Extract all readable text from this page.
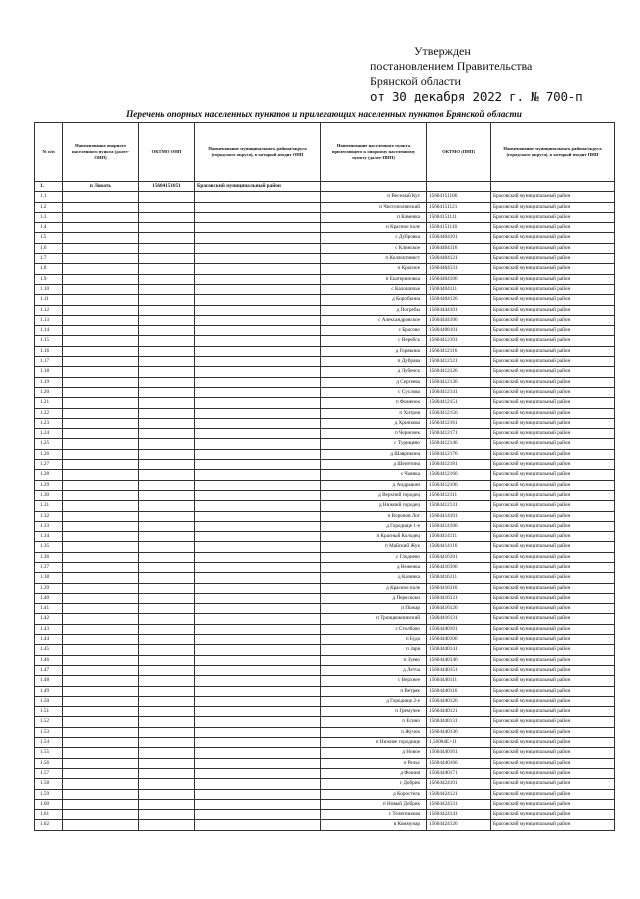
Утвержден
постановлением Правительства
Брянской области
от 30 декабря 2022 г. № 700-п
Перечень опорных населенных пунктов и прилегающих населенных пунктов Брянской области
№ п/п	Наименование опорного населенного пункта (далее-ОНП)	ОКТМО ОНП	Наименование муниципального района/округа (городского округа), в который входит ОНП	Наименование населенного пункта прилегающего к опорному населенному пункту (далее-ПНП)	ОКТМО (ПНП)	Наименование муниципального района/округа (городского округа), в который входит ПНП
1.	п Локоть	15604151051	Брасовский муниципальный район			
1.1				п Веселый Кут	15604151106	Брасовский муниципальный район
1.2				п Чистополянский	15604151121	Брасовский муниципальный район
1.3				п Каменка	15604151111	Брасовский муниципальный район
1.4				п Красное поле	15604151116	Брасовский муниципальный район
1.5				с Дубровка	15604404101	Брасовский муниципальный район
1.6				с Клинское	15604404116	Брасовский муниципальный район
1.7				п Коллективист	15604404121	Брасовский муниципальный район
1.8				п Красное	15604404131	Брасовский муниципальный район
1.9				п Екатериновка	15604404106	Брасовский муниципальный район
1.10				с Калошичье	15604404111	Брасовский муниципальный район
1.11				д Коробкина	15604404126	Брасовский муниципальный район
1.12				д Погребы	15604444101	Брасовский муниципальный район
1.13				с Александровское	15604444106	Брасовский муниципальный район
1.14				с Брасово	15604408101	Брасовский муниципальный район
1.15				с Веребск	15604412101	Брасовский муниципальный район
1.16				д Горякина	15604412116	Брасовский муниципальный район
1.17				п Дубрава	15604412121	Брасовский муниципальный район
1.18				д Лубенск	15604412126	Брасовский муниципальный район
1.19				д Сергеева	15604412136	Брасовский муниципальный район
1.20				с Суслова	15604412141	Брасовский муниципальный район
1.21				п Фоменок	15604412151	Брасовский муниципальный район
1.22				п Хитров	15604412156	Брасовский муниципальный район
1.23				д Хрипкова	15604412161	Брасовский муниципальный район
1.24				п Черночек	15604412171	Брасовский муниципальный район
1.25				с Турищево	15604412146	Брасовский муниципальный район
1.26				д Шаврикина	15604412176	Брасовский муниципальный район
1.27				д Шепетина	15604412181	Брасовский муниципальный район
1.28				с Чаянка	15604412166	Брасовский муниципальный район
1.29				д Андрыкин	15604412106	Брасовский муниципальный район
1.30				д Верхний городец	15604412111	Брасовский муниципальный район
1.31				д Нижний городец	15604412131	Брасовский муниципальный район
1.32				п Воронов Лог	15604414101	Брасовский муниципальный район
1.33				д Городище 1-е	15604414106	Брасовский муниципальный район
1.34				п Красный Колодец	15604414111	Брасовский муниципальный район
1.35				п Майский Жук	15604414116	Брасовский муниципальный район
1.36				с Глоднево	15604416101	Брасовский муниципальный район
1.37				д Веженка	15604416106	Брасовский муниципальный район
1.38				д Казинка	15604416111	Брасовский муниципальный район
1.39				д Красное поле	15604416116	Брасовский муниципальный район
1.40				д Перескоки	15604416121	Брасовский муниципальный район
1.41				п Пожар	15604416126	Брасовский муниципальный район
1.42				п Троицкокнинский	15604416131	Брасовский муниципальный район
1.43				с Столбово	15604440101	Брасовский муниципальный район
1.44				п Буда	15604440106	Брасовский муниципальный район
1.45				п Заря	15604440141	Брасовский муниципальный район
1.46				п Зуево	15604440146	Брасовский муниципальный район
1.47				д Летча	15604440151	Брасовский муниципальный район
1.48				с Верхнее	15604440111	Брасовский муниципальный район
1.49				п Ветряк	15604440116	Брасовский муниципальный район
1.50				д Городище 2-е	15604440126	Брасовский муниципальный район
1.51				п Гремучее	15604440121	Брасовский муниципальный район
1.52				п Есино	15604440131	Брасовский муниципальный район
1.53				п Жучок	15604440136	Брасовский муниципальный район
1.54				п Нижнее городище	1,56004E+11	Брасовский муниципальный район
1.55				д Новое	15604440161	Брасовский муниципальный район
1.56				п Рельс	15604440166	Брасовский муниципальный район
1.57				д Фошня	15604440171	Брасовский муниципальный район
1.58				с Добрик	15604424101	Брасовский муниципальный район
1.59				д Коростель	15604424121	Брасовский муниципальный район
1.60				п Новый Добрик	15604424131	Брасовский муниципальный район
1.61				с Телятникова	15604424141	Брасовский муниципальный район
1.62				в Коммунар	15604424126	Брасовский муниципальный район
